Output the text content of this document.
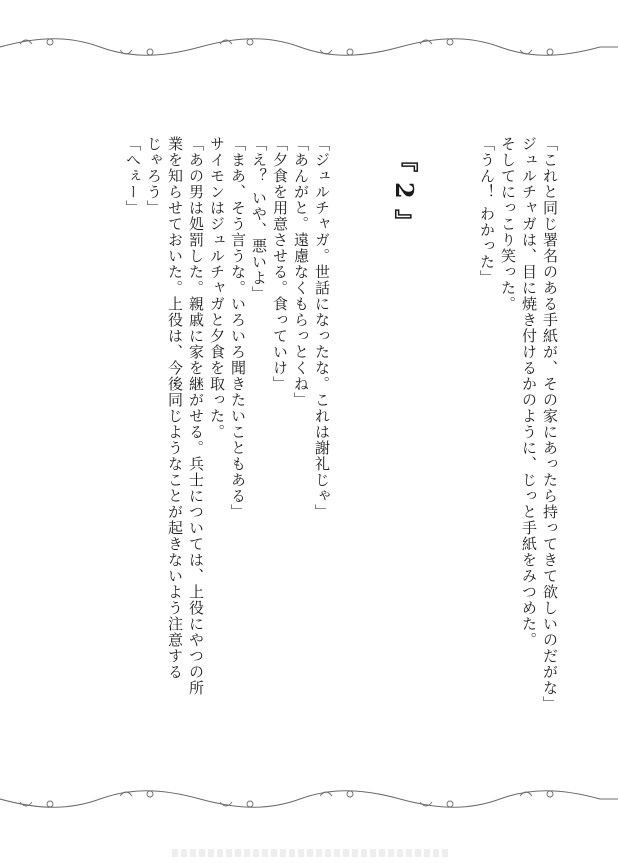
「これと同じ署名のある手紙が、その家にあったら持ってきて欲しいのだがな」
ジュルチャガは、目に焼き付けるかのように、じっと手紙をみつめた。
そしてにっこり笑った。
「うん！ わかった」
『2』
「ジュルチャガ。世話になったな。これは謝礼じゃ」
「あんがと。遠慮なくもらっとくね」
「夕食を用意させる。食っていけ」
「え？ いや、悪いよ」
「まあ、そう言うな。いろいろ聞きたいこともある」
サイモンはジュルチャガと夕食を取った。
「あの男は処罰した。親戚に家を継がせる。兵士については、上役にやつの所
業を知らせておいた。上役は、今後同じようなことが起きないよう注意する
じゃろう」
「へぇー」
